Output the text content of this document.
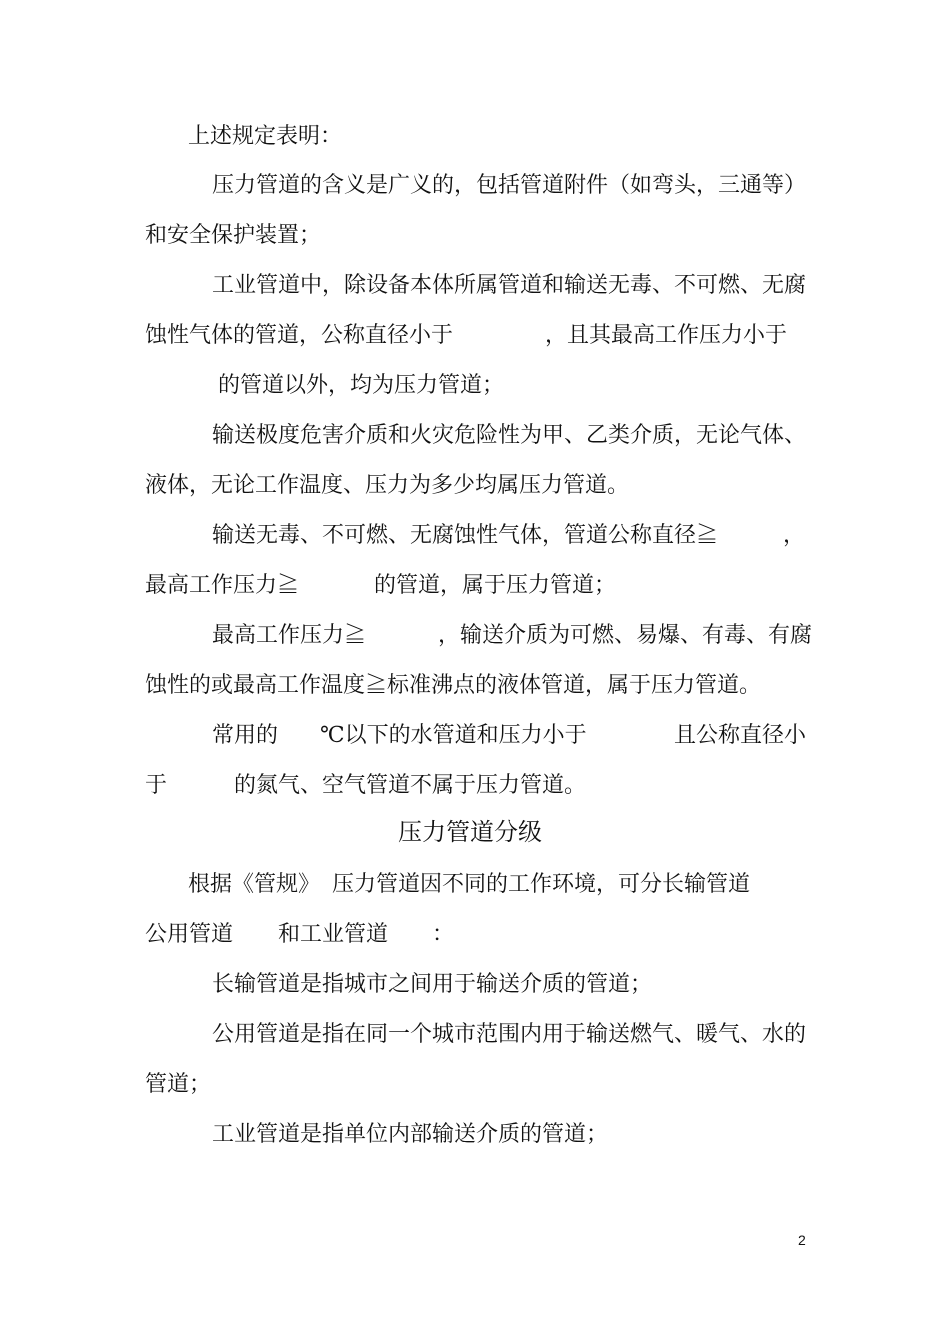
上述规定表明：

压力管道的含义是广义的，包括管道附件（如弯头，三通等）

和安全保护装置；

工业管道中，除设备本体所属管道和输送无毒、不可燃、无腐

蚀性气体的管道，公称直径小于	，且其最高工作压力小于

的管道以外，均为压力管道；

输送极度危害介质和火灾危险性为甲、乙类介质，无论气体、

液体，无论工作温度、压力为多少均属压力管道。

输送无毒、不可燃、无腐蚀性气体，管道公称直径≧	，

最高工作压力≧	的管道，属于压力管道；

最高工作压力≧	，输送介质为可燃、易爆、有毒、有腐

蚀性的或最高工作温度≧标准沸点的液体管道，属于压力管道。

常用的 ℃以下的水管道和压力小于	且公称直径小

于	的氮气、空气管道不属于压力管道。

压力管道分级

根据《管规》 压力管道因不同的工作环境，可分长输管道

公用管道 和工业管道 ：

长输管道是指城市之间用于输送介质的管道；

公用管道是指在同一个城市范围内用于输送燃气、暖气、水的

管道；

工业管道是指单位内部输送介质的管道；

2
